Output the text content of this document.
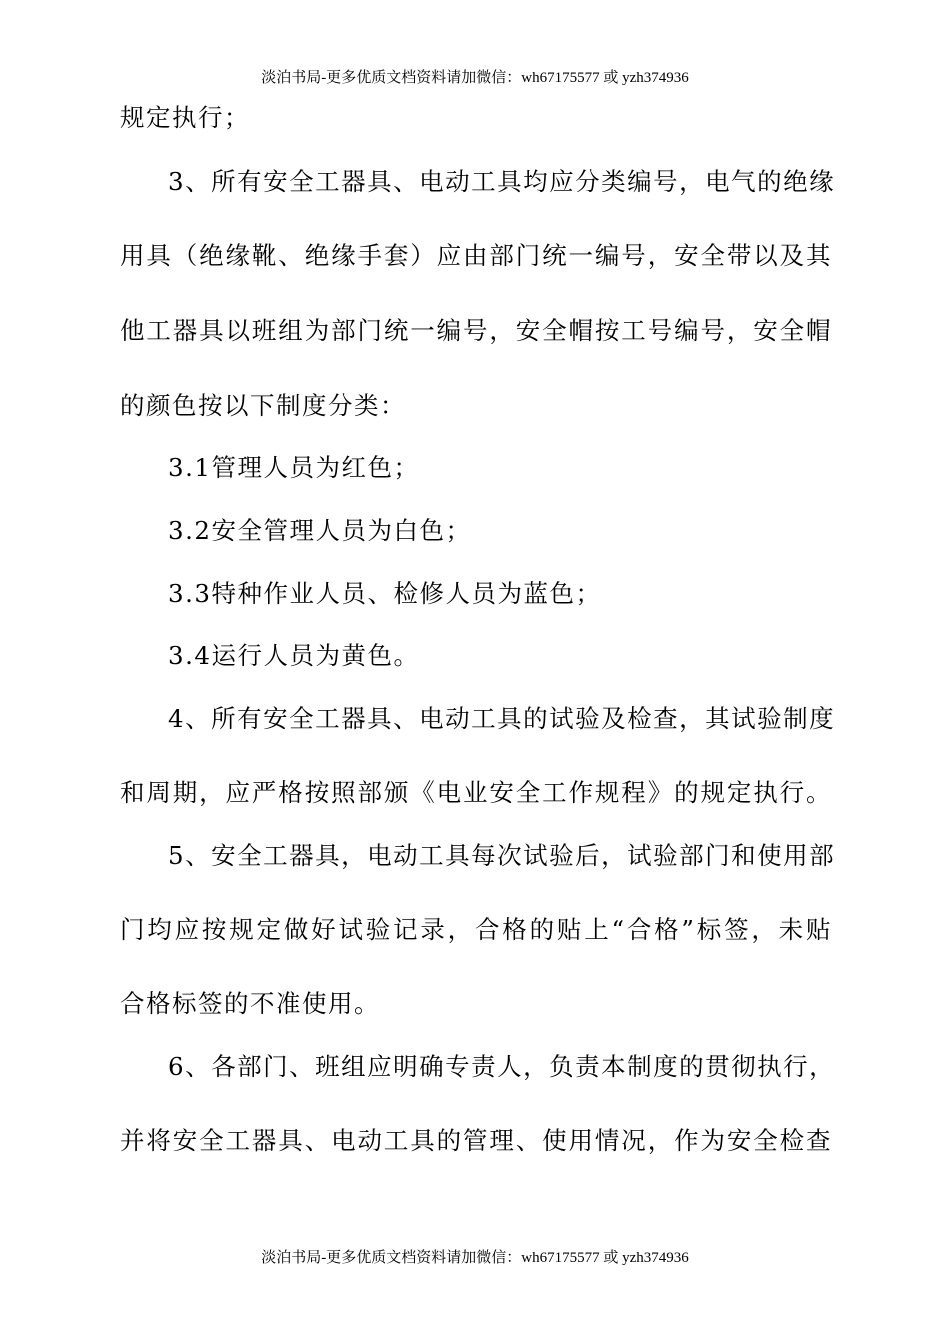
淡泊书局-更多优质文档资料请加微信：wh67175577 或 yzh374936
规定执行；
3、所有安全工器具、电动工具均应分类编号，电气的绝缘
用具（绝缘靴、绝缘手套）应由部门统一编号，安全带以及其
他工器具以班组为部门统一编号，安全帽按工号编号，安全帽
的颜色按以下制度分类：
3.1管理人员为红色；
3.2安全管理人员为白色；
3.3特种作业人员、检修人员为蓝色；
3.4运行人员为黄色。
4、所有安全工器具、电动工具的试验及检查，其试验制度
和周期，应严格按照部颁《电业安全工作规程》的规定执行。
5、安全工器具，电动工具每次试验后，试验部门和使用部
门均应按规定做好试验记录，合格的贴上“合格”标签，未贴
合格标签的不准使用。
6、各部门、班组应明确专责人，负责本制度的贯彻执行，
并将安全工器具、电动工具的管理、使用情况，作为安全检查
淡泊书局-更多优质文档资料请加微信：wh67175577 或 yzh374936
